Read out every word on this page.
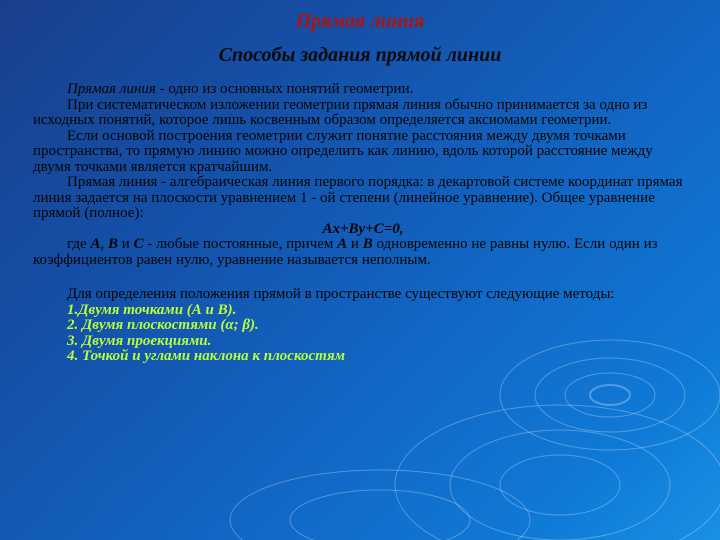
Прямая линия
Способы задания прямой линии

Прямая линия - одно из основных понятий геометрии.

При систематическом изложении геометрии прямая линия обычно принимается за одно из исходных понятий, которое лишь косвенным образом определяется аксиомами геометрии.

Если основой построения геометрии служит понятие расстояния между двумя точками пространства, то прямую линию можно определить как линию, вдоль которой расстояние между двумя точками является кратчайшим.

Прямая линия - алгебраическая линия первого порядка: в декартовой системе координат прямая линия задается на плоскости уравнением 1 - ой степени (линейное уравнение). Общее уравнение прямой (полное):

Ax+By+C=0,

где A, B и C - любые постоянные, причем A и B одновременно не равны нулю. Если один из коэффициентов равен нулю, уравнение называется неполным.

Для определения положения прямой в пространстве существуют следующие методы:

1.Двумя точками (А и В).

2. Двумя плоскостями (α; β).

3. Двумя проекциями.

4. Точкой и углами наклона к плоскостям
